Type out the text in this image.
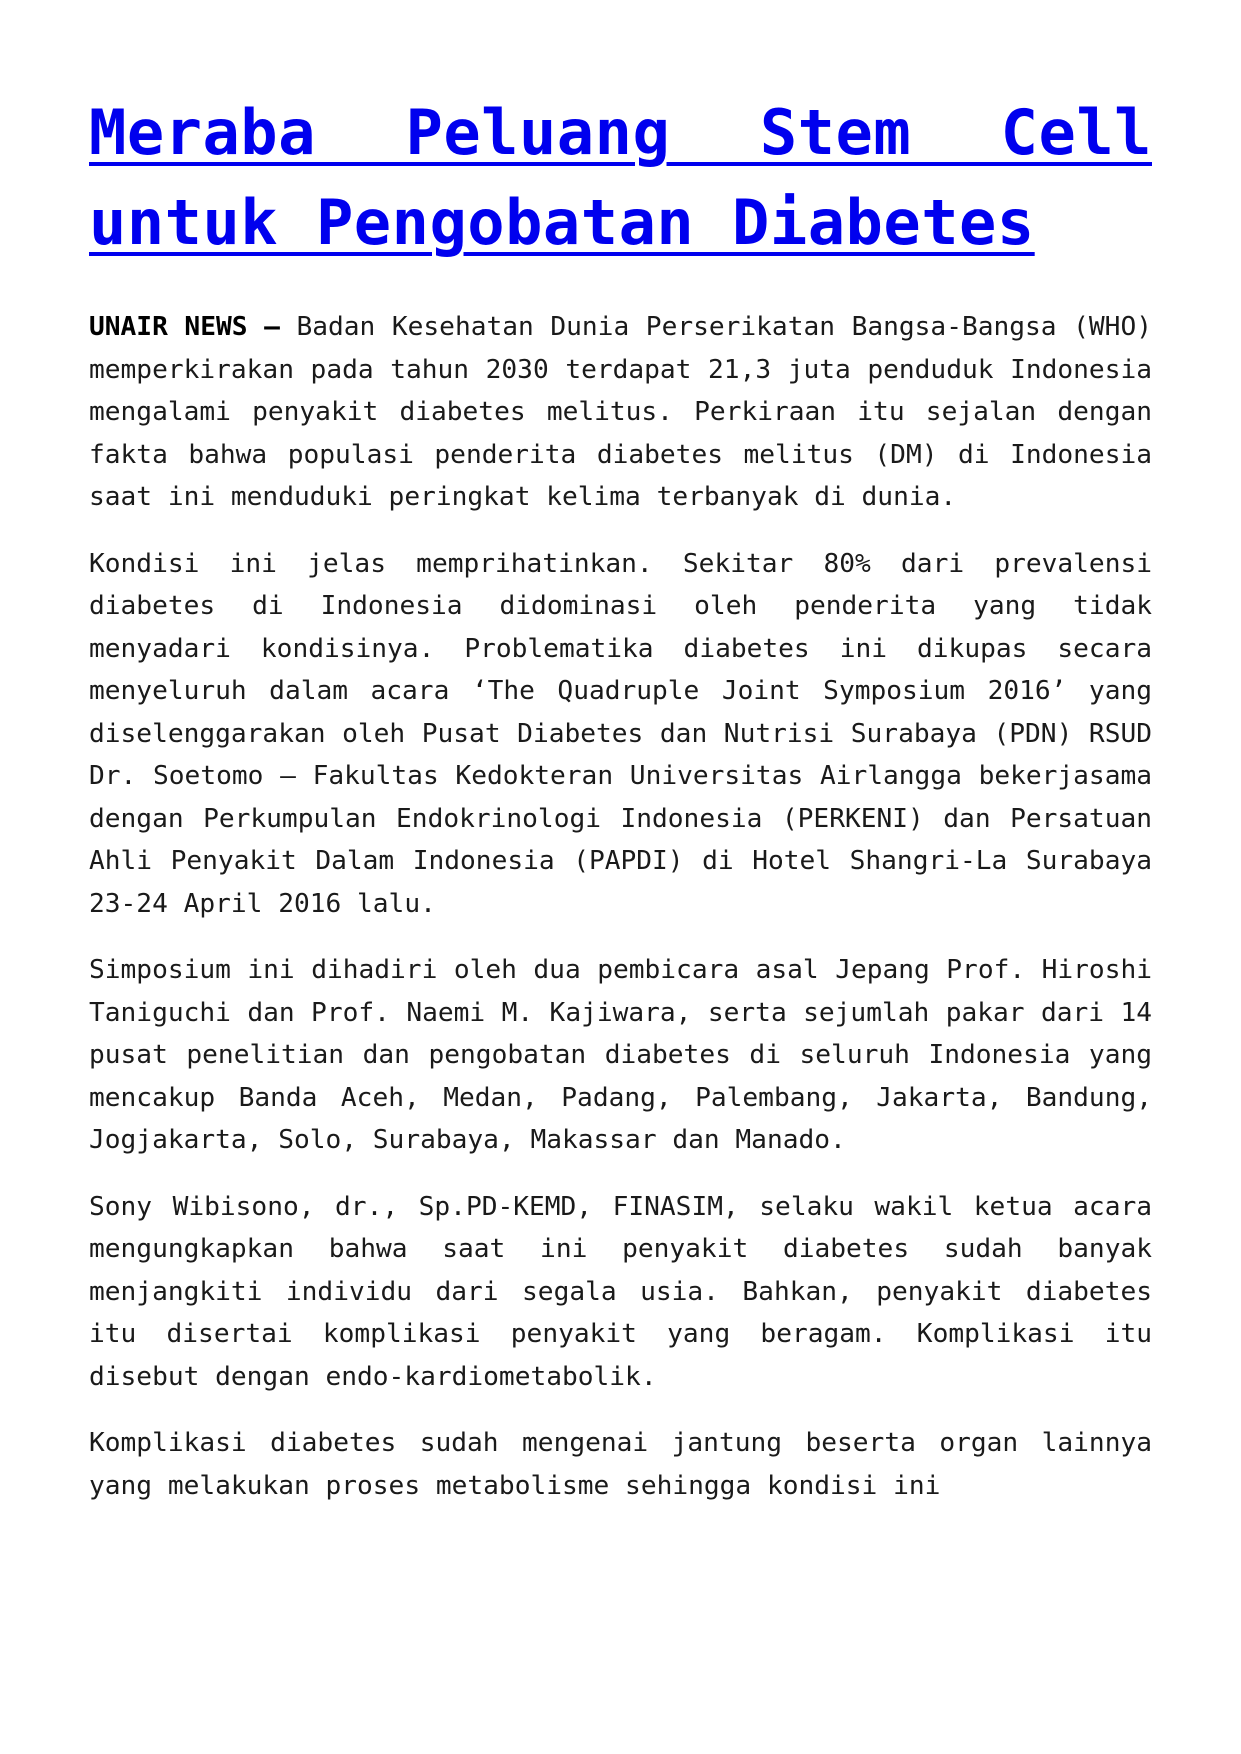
Meraba Peluang Stem Cell untuk Pengobatan Diabetes

UNAIR NEWS – Badan Kesehatan Dunia Perserikatan Bangsa-Bangsa (WHO) memperkirakan pada tahun 2030 terdapat 21,3 juta penduduk Indonesia mengalami penyakit diabetes melitus. Perkiraan itu sejalan dengan fakta bahwa populasi penderita diabetes melitus (DM) di Indonesia saat ini menduduki peringkat kelima terbanyak di dunia.

Kondisi ini jelas memprihatinkan. Sekitar 80% dari prevalensi diabetes di Indonesia didominasi oleh penderita yang tidak menyadari kondisinya. Problematika diabetes ini dikupas secara menyeluruh dalam acara ‘The Quadruple Joint Symposium 2016’ yang diselenggarakan oleh Pusat Diabetes dan Nutrisi Surabaya (PDN) RSUD Dr. Soetomo – Fakultas Kedokteran Universitas Airlangga bekerjasama dengan Perkumpulan Endokrinologi Indonesia (PERKENI) dan Persatuan Ahli Penyakit Dalam Indonesia (PAPDI) di Hotel Shangri-La Surabaya 23-24 April 2016 lalu.

Simposium ini dihadiri oleh dua pembicara asal Jepang Prof. Hiroshi Taniguchi dan Prof. Naemi M. Kajiwara, serta sejumlah pakar dari 14 pusat penelitian dan pengobatan diabetes di seluruh Indonesia yang mencakup Banda Aceh, Medan, Padang, Palembang, Jakarta, Bandung, Jogjakarta, Solo, Surabaya, Makassar dan Manado.

Sony Wibisono, dr., Sp.PD-KEMD, FINASIM, selaku wakil ketua acara mengungkapkan bahwa saat ini penyakit diabetes sudah banyak menjangkiti individu dari segala usia. Bahkan, penyakit diabetes itu disertai komplikasi penyakit yang beragam. Komplikasi itu disebut dengan endo-kardiometabolik.

Komplikasi diabetes sudah mengenai jantung beserta organ lainnya yang melakukan proses metabolisme sehingga kondisi ini
